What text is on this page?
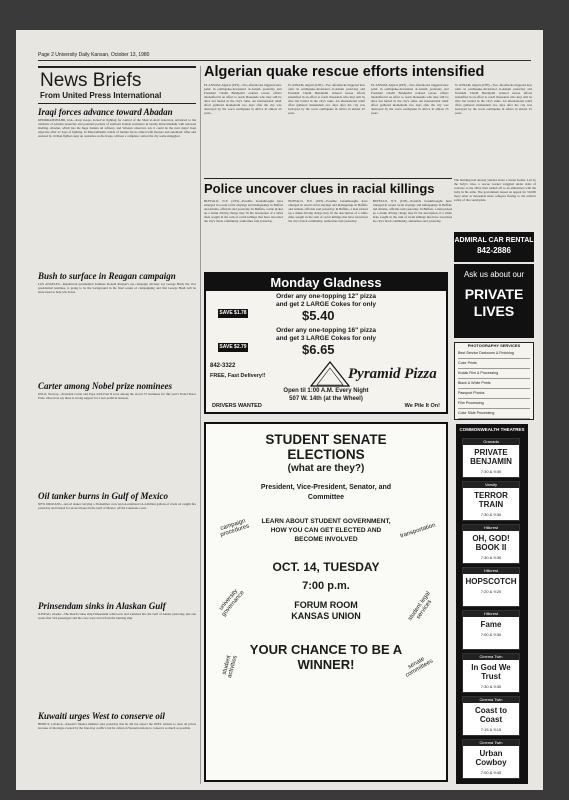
Page 2 University Daily Kansan, October 13, 1980
News Briefs
From United Press International
Iraqi forces advance toward Abadan
KHORRAMSHAHR, Iran—Iraqi troops, locked in fighting for control of the Shatt al-Arab waterway, advanced to the outskirts of Abadan yesterday and pounded pockets of stubborn Iranian resistance in nearby Khorramshahr with renewed shelling. Abadan, which has the huge Iranian oil refinery, and Western observers say it could be the next major Iraqi objective after 21 days of fighting. In Khorramshahr, bands of Iranian forces armed with mortars and automatic rifles and assisted by civilian fighters kept up resistance as the Iraqis, without a complete control the city some smuggled.
Bush to surface in Reagan campaign
LOS ANGELES—Republican presidential nominee Ronald Reagan's top campaign advisers say George Bush, the vice presidential nominee, is going to be the background in the final weeks of campaigning and that George Bush will be showcased to help win Texas.
Carter among Nobel prize nominees
OSLO, Norway—President Carter and Pope John Paul II were among the record 57 nominees for this year's Nobel Peace Prize. Observers say there is strong support for a non-political laureate.
Oil tanker burns in Gulf of Mexico
NEW ORLEANS—An oil tanker carrying a 30-member crew and an estimated 14.4 million gallons of crude oil caught fire yesterday and burned for several hours in the Gulf of Mexico off the Louisiana coast.
Prinsendam sinks in Alaskan Gulf
JUNEAU, Alaska—The Dutch cruise ship Prinsendam rolled over and vanished into the Gulf of Alaska yesterday, just one week after 524 passengers and the crew were saved from the burning ship.
Kuwaiti urges West to conserve oil
BEIRUT, Lebanon—Kuwait's finance minister said yesterday that he did not expect the OPEC nations to raise oil prices because of shortages created by the Iran-Iraq conflict, but he called on Western nations to conserve as much as possible.
Algerian quake rescue efforts intensified
EL ASNAM, Algeria (UPI)—Two aftershocks triggered new panic in earthquake-devastated al-Asnam yesterday and President Chadli Bendjedid ordered rescue efforts intensified in an effort to reach thousands who may still be alive but buried in the city's ruins. An international relief effort gathered momentum two days after the city was destroyed by the worst earthquake in Africa in almost 25 years.
EL ASNAM, Algeria (UPI)—Two aftershocks triggered new panic in earthquake-devastated al-Asnam yesterday and President Chadli Bendjedid ordered rescue efforts intensified in an effort to reach thousands who may still be alive but buried in the city's ruins. An international relief effort gathered momentum two days after the city was destroyed by the worst earthquake in Africa in almost 25 years.
EL ASNAM, Algeria (UPI)—Two aftershocks triggered new panic in earthquake-devastated al-Asnam yesterday and President Chadli Bendjedid ordered rescue efforts intensified in an effort to reach thousands who may still be alive but buried in the city's ruins. An international relief effort gathered momentum two days after the city was destroyed by the worst earthquake in Africa in almost 25 years.
EL ASNAM, Algeria (UPI)—Two aftershocks triggered new panic in earthquake-devastated al-Asnam yesterday and President Chadli Bendjedid ordered rescue efforts intensified in an effort to reach thousands who may still be alive but buried in the city's ruins. An international relief effort gathered momentum two days after the city was destroyed by the worst earthquake in Africa in almost 25 years.
Police uncover clues in racial killings
BUFFALO, N.Y. (UPI)—Possible breakthroughs have emerged in recent racial slayings and kidnappings in Buffalo and Atlanta, officials said yesterday. In Buffalo, a man picked up a drunk driving charge may fit the description of a white male sought in the rash of racial killings that have terrorized the city's black community, authorities said yesterday.
BUFFALO, N.Y. (UPI)—Possible breakthroughs have emerged in recent racial slayings and kidnappings in Buffalo and Atlanta, officials said yesterday. In Buffalo, a man picked up a drunk driving charge may fit the description of a white male sought in the rash of racial killings that have terrorized the city's black community, authorities said yesterday.
BUFFALO, N.Y. (UPI)—Possible breakthroughs have emerged in recent racial slayings and kidnappings in Buffalo and Atlanta, officials said yesterday. In Buffalo, a man picked up a drunk driving charge may fit the description of a white male sought in the rash of racial killings that have terrorized the city's black community, authorities said yesterday.
Monday Gladness
Order any one-topping 12" pizza
and get 2 LARGE Cokes for only
SAVE $1.78	$5.40
Order any one-topping 16" pizza
and get 3 LARGE Cokes for only
SAVE $2.79	$6.65
842-3322
FREE, Fast Delivery!!	Pyramid Pizza
Open til 1:00 A.M. Every Night
507 W. 14th (at the Wheel)
DRIVERS WANTED	We Pile It On!
STUDENT SENATE ELECTIONS
(what are they?)
President, Vice-President, Senator, and Committee
LEARN ABOUT STUDENT GOVERNMENT, HOW YOU CAN GET ELECTED AND BECOME INVOLVED
OCT. 14, TUESDAY
7:00 p.m.
FORUM ROOM
KANSAS UNION
YOUR CHANCE TO BE A WINNER!
campaign procedures	transportation
university governance	student legal services
student activities	senate committees
The building had already yielded about a dozen bodies. Led by the baby's cries, a rescue worker wriggled under slabs of concrete to the child, then rushed off to an ambulance with the baby in his arms. The government issued an appeal for 50,000 more tents as thousands more refugees fleeing to the relative safety of the countryside.
ADMIRAL CAR RENTAL
842-2886
Ask us about our
PRIVATE LIVES
PHOTOGRAPHY SERVICES
Best Service Darkroom & Finishing
Color Prints
Kodak Film & Processing
Black & White Prints
Passport Photos
Film Processing
Color Slide Processing
COMMONWEALTH THEATRES
Granada
PRIVATE BENJAMIN
7:30 & 9:30
Varsity
TERROR TRAIN
7:30 & 9:30
Hillcrest
OH, GOD! BOOK II
7:30 & 9:30
Hillcrest
HOPSCOTCH
7:20 & 9:20
Hillcrest
Fame
7:00 & 9:30
Cinema Twin
In God We Trust
7:30 & 9:30
Cinema Twin
Coast to Coast
7:15 & 9:15
Cinema Twin
Urban Cowboy
7:00 & 9:45
